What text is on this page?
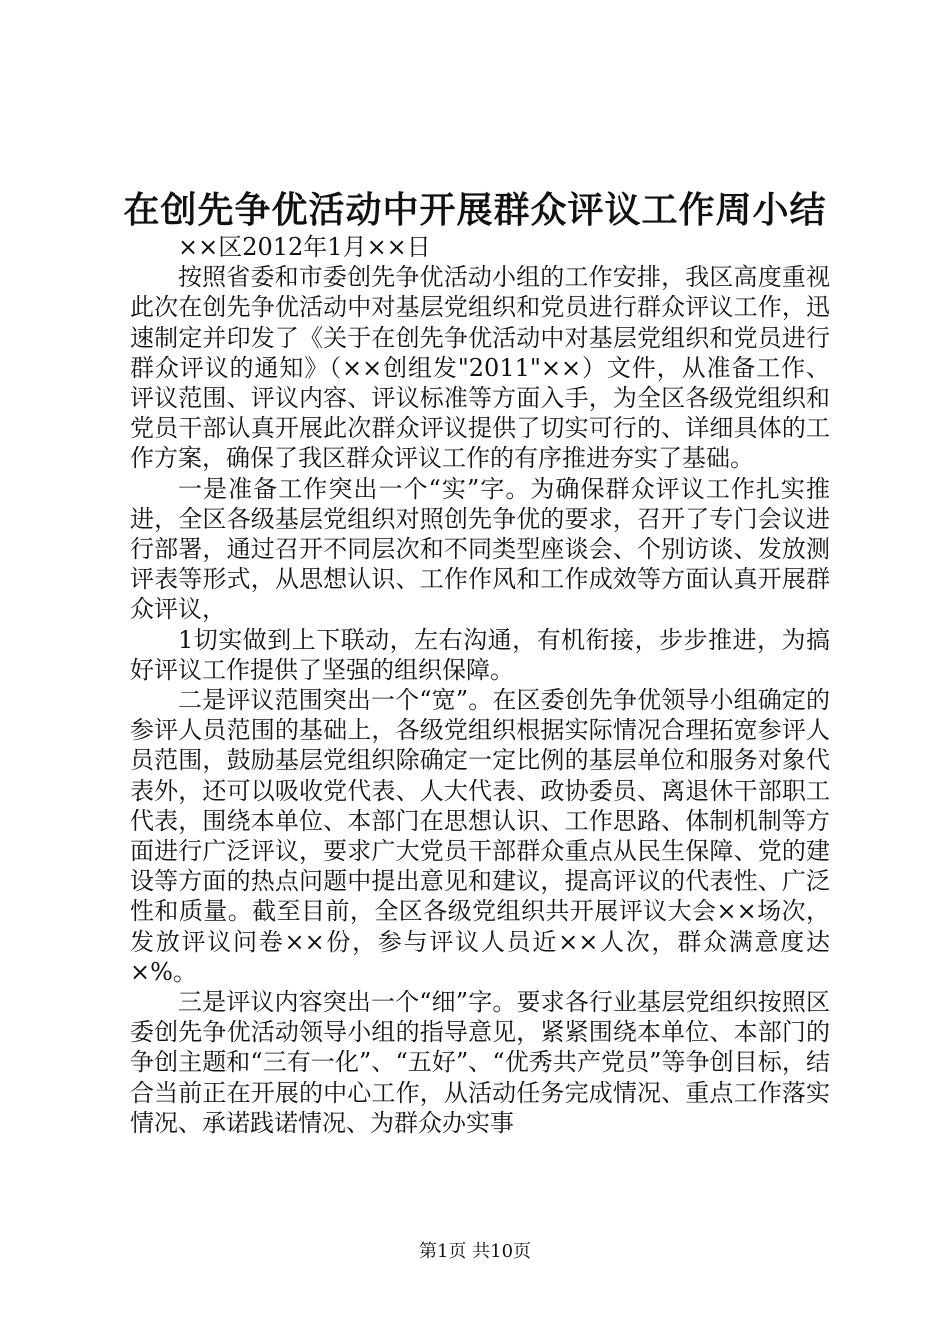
在创先争优活动中开展群众评议工作周小结

××区2012年1月××日

按照省委和市委创先争优活动小组的工作安排，我区高度重视此次在创先争优活动中对基层党组织和党员进行群众评议工作，迅速制定并印发了《关于在创先争优活动中对基层党组织和党员进行群众评议的通知》（××创组发"2011"××）文件，从准备工作、评议范围、评议内容、评议标准等方面入手，为全区各级党组织和党员干部认真开展此次群众评议提供了切实可行的、详细具体的工作方案，确保了我区群众评议工作的有序推进夯实了基础。

一是准备工作突出一个“实”字。为确保群众评议工作扎实推进，全区各级基层党组织对照创先争优的要求，召开了专门会议进行部署，通过召开不同层次和不同类型座谈会、个别访谈、发放测评表等形式，从思想认识、工作作风和工作成效等方面认真开展群众评议，

1切实做到上下联动，左右沟通，有机衔接，步步推进，为搞好评议工作提供了坚强的组织保障。

二是评议范围突出一个“宽”。在区委创先争优领导小组确定的参评人员范围的基础上，各级党组织根据实际情况合理拓宽参评人员范围，鼓励基层党组织除确定一定比例的基层单位和服务对象代表外，还可以吸收党代表、人大代表、政协委员、离退休干部职工代表，围绕本单位、本部门在思想认识、工作思路、体制机制等方面进行广泛评议，要求广大党员干部群众重点从民生保障、党的建设等方面的热点问题中提出意见和建议，提高评议的代表性、广泛性和质量。截至目前，全区各级党组织共开展评议大会××场次，发放评议问卷××份，参与评议人员近××人次，群众满意度达×%。

三是评议内容突出一个“细”字。要求各行业基层党组织按照区委创先争优活动领导小组的指导意见，紧紧围绕本单位、本部门的争创主题和“三有一化”、“五好”、“优秀共产党员”等争创目标，结合当前正在开展的中心工作，从活动任务完成情况、重点工作落实情况、承诺践诺情况、为群众办实事

第1页 共10页
